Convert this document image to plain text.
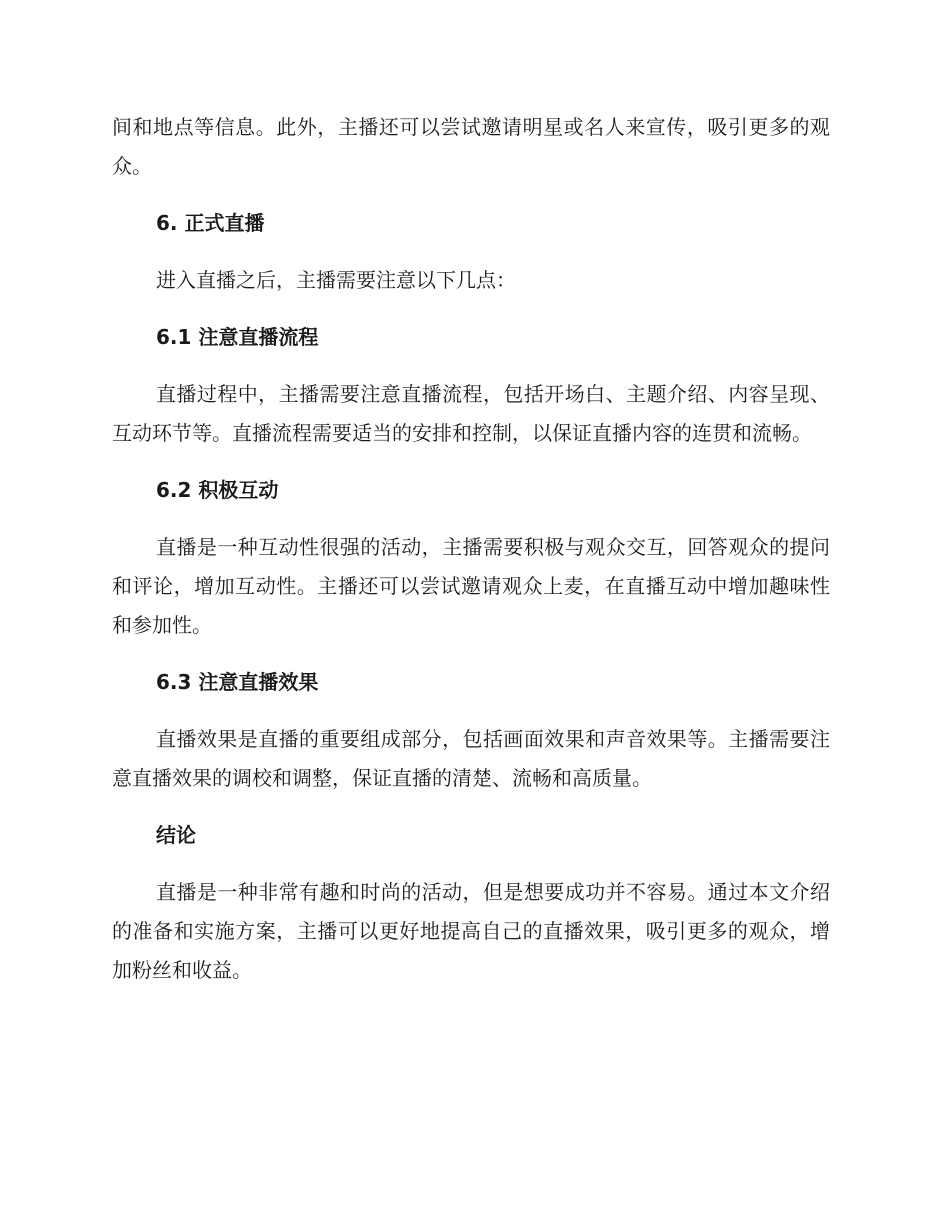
间和地点等信息。此外，主播还可以尝试邀请明星或名人来宣传，吸引更多的观众。

6. 正式直播

进入直播之后，主播需要注意以下几点：

6.1 注意直播流程

直播过程中，主播需要注意直播流程，包括开场白、主题介绍、内容呈现、互动环节等。直播流程需要适当的安排和控制，以保证直播内容的连贯和流畅。

6.2 积极互动

直播是一种互动性很强的活动，主播需要积极与观众交互，回答观众的提问和评论，增加互动性。主播还可以尝试邀请观众上麦，在直播互动中增加趣味性和参加性。

6.3 注意直播效果

直播效果是直播的重要组成部分，包括画面效果和声音效果等。主播需要注意直播效果的调校和调整，保证直播的清楚、流畅和高质量。

结论

直播是一种非常有趣和时尚的活动，但是想要成功并不容易。通过本文介绍的准备和实施方案，主播可以更好地提高自己的直播效果，吸引更多的观众，增加粉丝和收益。
